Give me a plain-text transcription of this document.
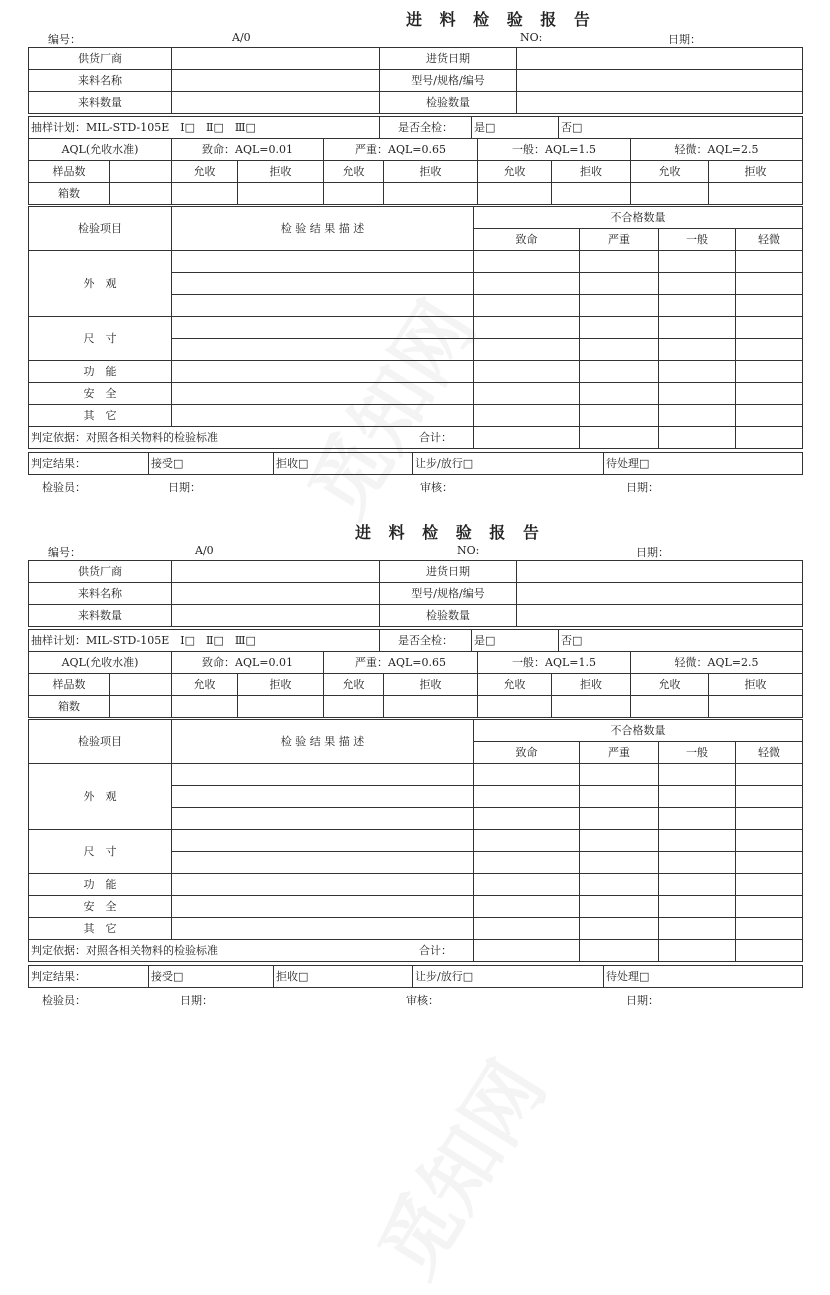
进 料 检 验 报 告
编号：	A/0	NO:	日期：
供货厂商		进货日期	
来料名称		型号/规格/编号	
来料数量		检验数量	
抽样计划：MIL-STD-105E　Ⅰ□　Ⅱ□　Ⅲ□	是否全检：	是□	否□
AQL(允收水准)	致命：AQL=0.01	严重：AQL=0.65	一般：AQL=1.5	轻微：AQL=2.5
样品数		允收	拒收	允收	拒收	允收	拒收	允收	拒收
箱数									
检验项目	检 验 结 果 描 述	不合格数量			
		致命	严重	一般	轻微
外　观					

尺　寸					

功　能					
安　全					
其　它					
判定依据：对照各相关物料的检验标准 合计：					

判定结果：	接受□	拒收□	让步/放行□	待处理□
检验员：	日期：	审核：	日期：
进 料 检 验 报 告
编号：	A/0	NO:	日期：
供货厂商		进货日期	
来料名称		型号/规格/编号	
来料数量		检验数量	
抽样计划：MIL-STD-105E　Ⅰ□　Ⅱ□　Ⅲ□	是否全检：	是□	否□
AQL(允收水准)	致命：AQL=0.01	严重：AQL=0.65	一般：AQL=1.5	轻微：AQL=2.5
样品数		允收	拒收	允收	拒收	允收	拒收	允收	拒收
箱数									
检验项目	检 验 结 果 描 述	不合格数量			
		致命	严重	一般	轻微
外　观					

尺　寸					

功　能					
安　全					
其　它					
判定依据：对照各相关物料的检验标准 合计：					

判定结果：	接受□	拒收□	让步/放行□	待处理□
检验员：	日期：	审核：	日期：
